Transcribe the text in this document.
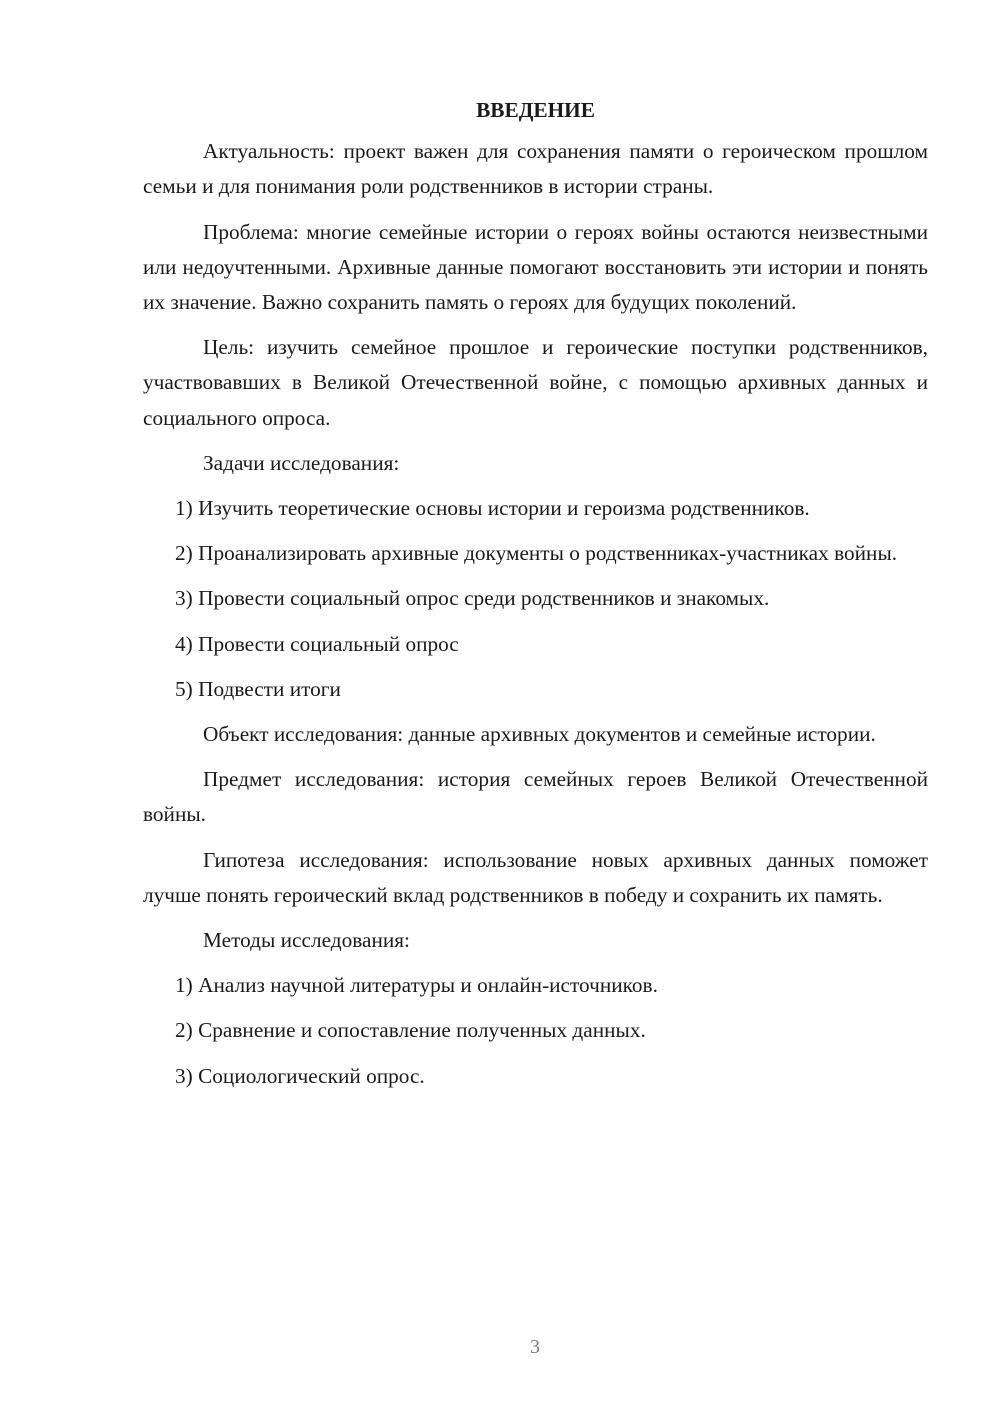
ВВЕДЕНИЕ

Актуальность: проект важен для сохранения памяти о героическом прошлом семьи и для понимания роли родственников в истории страны.

Проблема: многие семейные истории о героях войны остаются неизвестными или недоучтенными. Архивные данные помогают восстановить эти истории и понять их значение. Важно сохранить память о героях для будущих поколений.

Цель: изучить семейное прошлое и героические поступки родственников, участвовавших в Великой Отечественной войне, с помощью архивных данных и социального опроса.

Задачи исследования:

1) Изучить теоретические основы истории и героизма родственников.

2) Проанализировать архивные документы о родственниках-участниках войны.

3) Провести социальный опрос среди родственников и знакомых.

4) Провести социальный опрос

5) Подвести итоги

Объект исследования: данные архивных документов и семейные истории.

Предмет исследования: история семейных героев Великой Отечественной войны.

Гипотеза исследования: использование новых архивных данных поможет лучше понять героический вклад родственников в победу и сохранить их память.

Методы исследования:

1) Анализ научной литературы и онлайн-источников.

2) Сравнение и сопоставление полученных данных.

3) Социологический опрос.

3
